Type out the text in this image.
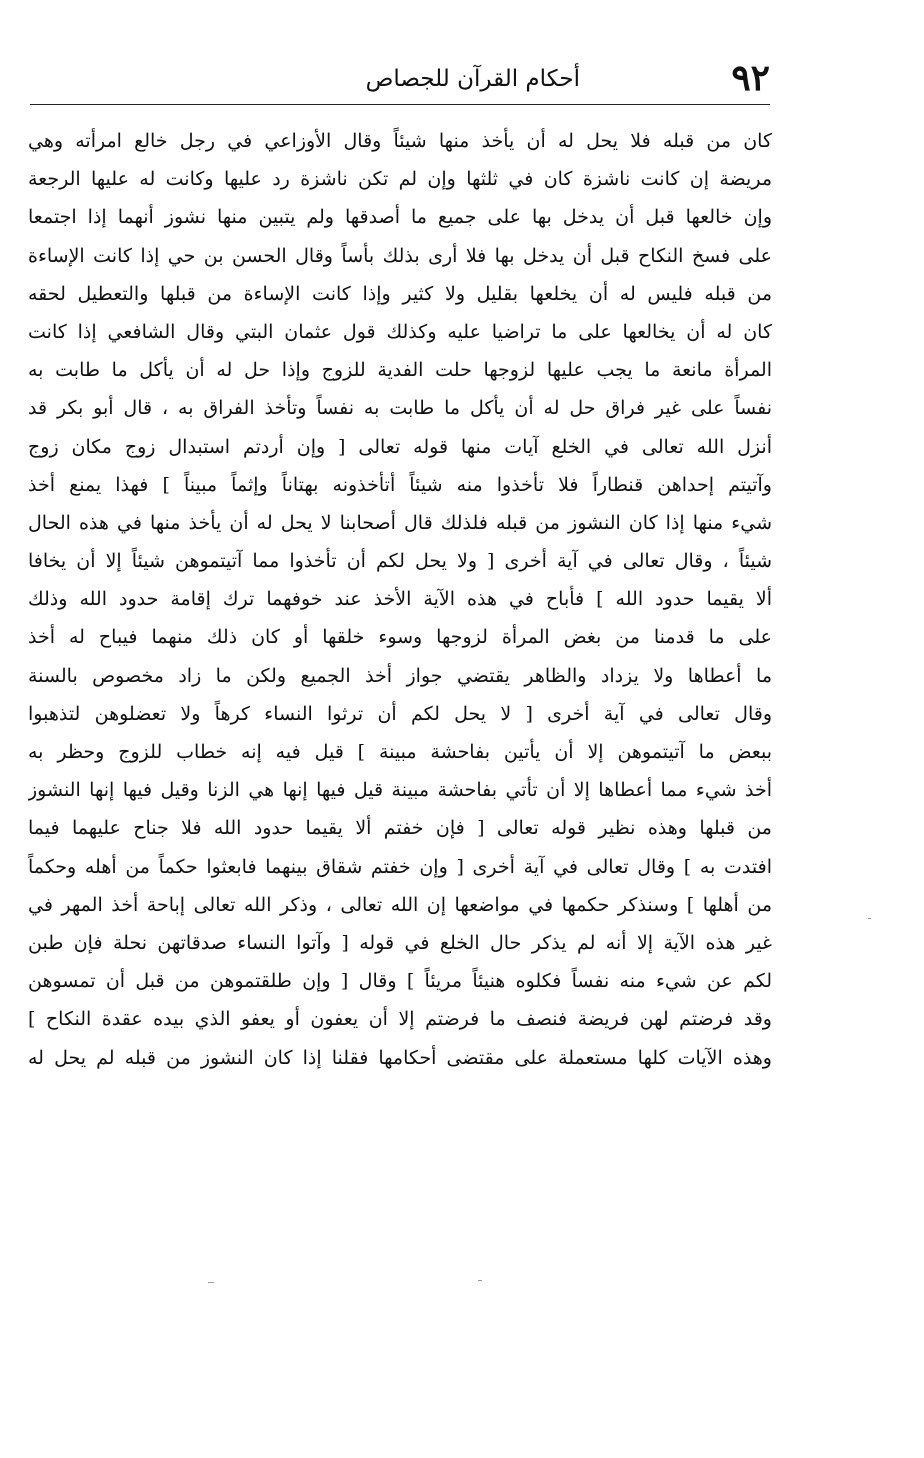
٩٢
أحكام القرآن للجصاص
كان من قبله فلا يحل له أن يأخذ منها شيئاً وقال الأوزاعي في رجل خالع امرأته وهي
مريضة إن كانت ناشزة كان في ثلثها وإن لم تكن ناشزة رد عليها وكانت له عليها الرجعة
وإن خالعها قبل أن يدخل بها على جميع ما أصدقها ولم يتبين منها نشوز أنهما إذا اجتمعا
على فسخ النكاح قبل أن يدخل بها فلا أرى بذلك بأساً وقال الحسن بن حي إذا كانت الإساءة
من قبله فليس له أن يخلعها بقليل ولا كثير وإذا كانت الإساءة من قبلها والتعطيل لحقه
كان له أن يخالعها على ما تراضيا عليه وكذلك قول عثمان البتي وقال الشافعي إذا كانت
المرأة مانعة ما يجب عليها لزوجها حلت الفدية للزوج وإذا حل له أن يأكل ما طابت به
نفساً على غير فراق حل له أن يأكل ما طابت به نفساً وتأخذ الفراق به ، قال أبو بكر قد
أنزل الله تعالى في الخلع آيات منها قوله تعالى [ وإن أردتم استبدال زوج مكان زوج
وآتيتم إحداهن قنطاراً فلا تأخذوا منه شيئاً أتأخذونه بهتاناً وإثماً مبيناً ] فهذا يمنع أخذ
شيء منها إذا كان النشوز من قبله فلذلك قال أصحابنا لا يحل له أن يأخذ منها في هذه الحال
شيئاً ، وقال تعالى في آية أخرى [ ولا يحل لكم أن تأخذوا مما آتيتموهن شيئاً إلا أن يخافا
ألا يقيما حدود الله ] فأباح في هذه الآية الأخذ عند خوفهما ترك إقامة حدود الله وذلك
على ما قدمنا من بغض المرأة لزوجها وسوء خلقها أو كان ذلك منهما فيباح له أخذ
ما أعطاها ولا يزداد والظاهر يقتضي جواز أخذ الجميع ولكن ما زاد مخصوص بالسنة
وقال تعالى في آية أخرى [ لا يحل لكم أن ترثوا النساء كرهاً ولا تعضلوهن لتذهبوا
ببعض ما آتيتموهن إلا أن يأتين بفاحشة مبينة ] قيل فيه إنه خطاب للزوج وحظر به
أخذ شيء مما أعطاها إلا أن تأتي بفاحشة مبينة قيل فيها إنها هي الزنا وقيل فيها إنها النشوز
من قبلها وهذه نظير قوله تعالى [ فإن خفتم ألا يقيما حدود الله فلا جناح عليهما فيما
افتدت به ] وقال تعالى في آية أخرى [ وإن خفتم شقاق بينهما فابعثوا حكماً من أهله وحكماً
من أهلها ] وسنذكر حكمها في مواضعها إن الله تعالى ، وذكر الله تعالى إباحة أخذ المهر في
غير هذه الآية إلا أنه لم يذكر حال الخلع في قوله [ وآتوا النساء صدقاتهن نحلة فإن طبن
لكم عن شيء منه نفساً فكلوه هنيئاً مريئاً ] وقال [ وإن طلقتموهن من قبل أن تمسوهن
وقد فرضتم لهن فريضة فنصف ما فرضتم إلا أن يعفون أو يعفو الذي بيده عقدة النكاح ]
وهذه الآيات كلها مستعملة على مقتضى أحكامها فقلنا إذا كان النشوز من قبله لم يحل له
